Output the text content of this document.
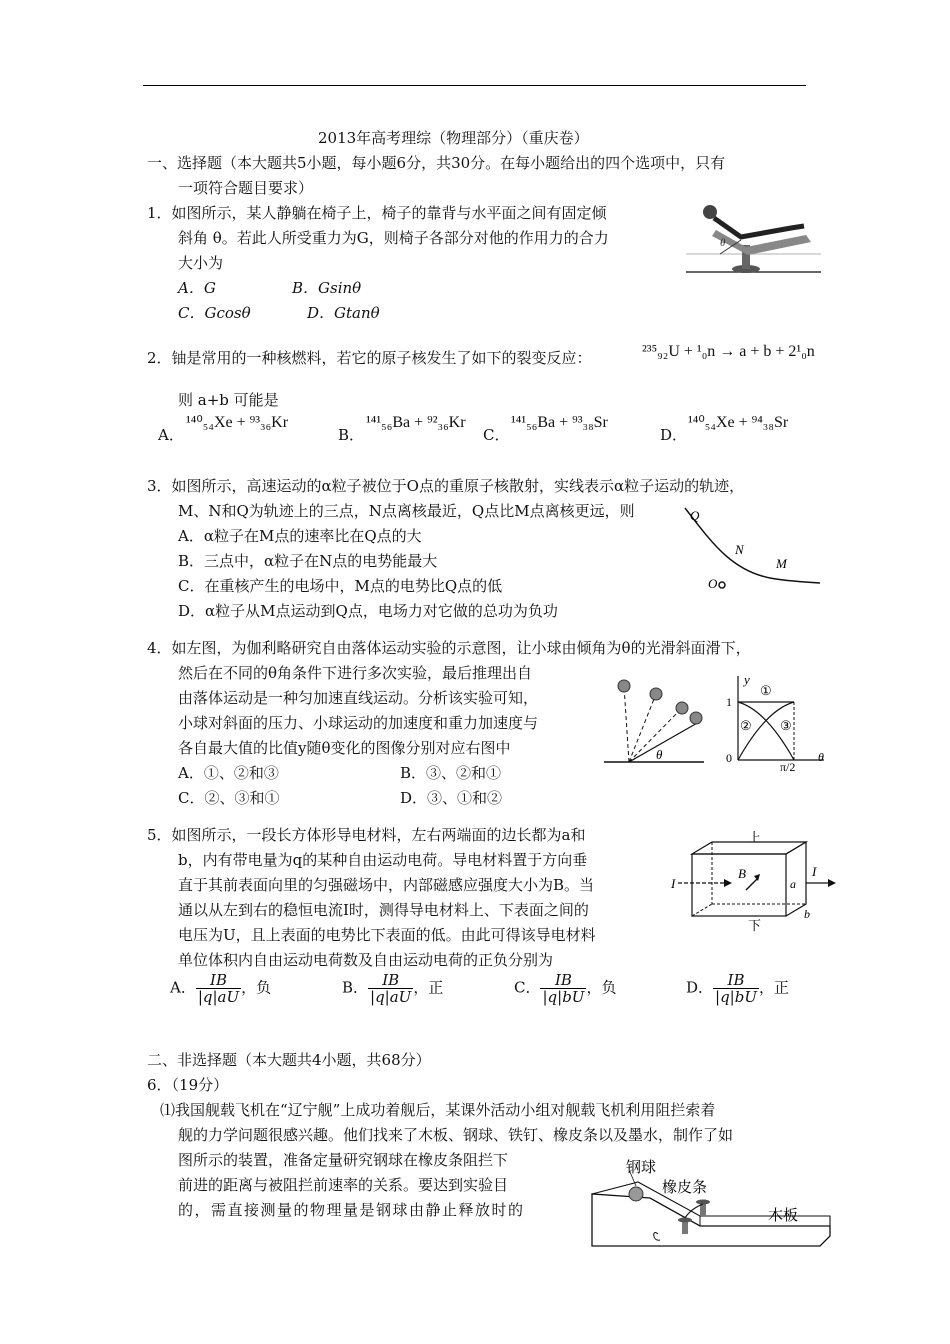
2013年高考理综（物理部分）（重庆卷）
一、选择题（本大题共5小题，每小题6分，共30分。在每小题给出的四个选项中，只有
一项符合题目要求）
1．如图所示，某人静躺在椅子上，椅子的靠背与水平面之间有固定倾
斜角 θ。若此人所受重力为G，则椅子各部分对他的作用力的合力
大小为
A．G	B．Gsinθ
C．Gcosθ	D．Gtanθ
θ
2．铀是常用的一种核燃料，若它的原子核发生了如下的裂变反应：	²³⁵₉₂U + ¹₀n → a + b + 2¹₀n
则 a+b 可能是
A．
¹⁴⁰₅₄Xe + ⁹³₃₆Kr
B．
¹⁴¹₅₆Ba + ⁹²₃₆Kr
C．
¹⁴¹₅₆Ba + ⁹³₃₈Sr
D．
¹⁴⁰₅₄Xe + ⁹⁴₃₈Sr
3．如图所示，高速运动的α粒子被位于O点的重原子核散射，实线表示α粒子运动的轨迹，
M、N和Q为轨迹上的三点，N点离核最近，Q点比M点离核更远，则
A．α粒子在M点的速率比在Q点的大
B．三点中，α粒子在N点的电势能最大
C．在重核产生的电场中，M点的电势比Q点的低
D．α粒子从M点运动到Q点，电场力对它做的总功为负功
Q
N
M
O
4．如左图，为伽利略研究自由落体运动实验的示意图，让小球由倾角为θ的光滑斜面滑下，
然后在不同的θ角条件下进行多次实验，最后推理出自
由落体运动是一种匀加速直线运动。分析该实验可知，
小球对斜面的压力、小球运动的加速度和重力加速度与
各自最大值的比值y随θ变化的图像分别对应右图中
A．①、②和③	B．③、②和①
C．②、③和①	D．③、①和②
θ
y
1
0
π/2
θ
①
② ③
5．如图所示，一段长方体形导电材料，左右两端面的边长都为a和
b，内有带电量为q的某种自由运动电荷。导电材料置于方向垂
直于其前表面向里的匀强磁场中，内部磁感应强度大小为B。当
通以从左到右的稳恒电流I时，测得导电材料上、下表面之间的
电压为U，且上表面的电势比下表面的低。由此可得该导电材料
单位体积内自由运动电荷数及自由运动电荷的正负分别为
A． $\frac{IB}{|q|aU}$ ，负	B． $\frac{IB}{|q|aU}$ ，正	C． $\frac{IB}{|q|bU}$ ，负	D． $\frac{IB}{|q|bU}$ ，正
上
下
I
I
B
a
b
二、非选择题（本大题共4小题，共68分）
6．（19分）
⑴我国舰载飞机在“辽宁舰”上成功着舰后，某课外活动小组对舰载飞机利用阻拦索着
舰的力学问题很感兴趣。他们找来了木板、钢球、铁钉、橡皮条以及墨水，制作了如
图所示的装置，准备定量研究钢球在橡皮条阻拦下
前进的距离与被阻拦前速率的关系。要达到实验目
的，需直接测量的物理量是钢球由静止释放时的
钢球
橡皮条
木板
